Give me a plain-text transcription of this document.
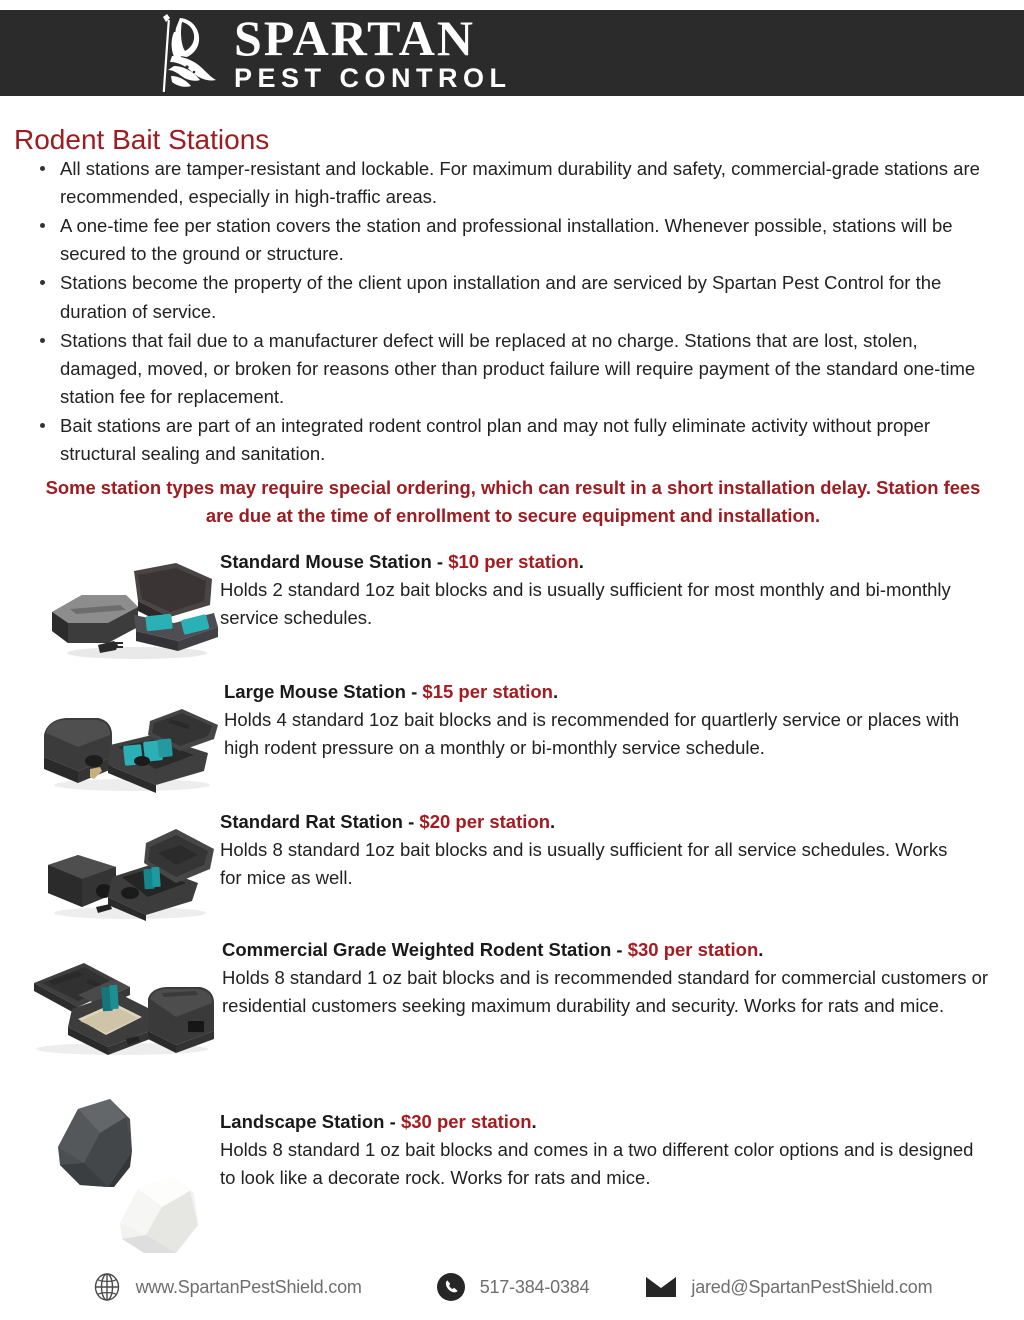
SPARTAN
PEST CONTROL
Rodent Bait Stations
All stations are tamper-resistant and lockable. For maximum durability and safety, commercial-grade stations are recommended, especially in high-traffic areas.
A one-time fee per station covers the station and professional installation. Whenever possible, stations will be secured to the ground or structure.
Stations become the property of the client upon installation and are serviced by Spartan Pest Control for the duration of service.
Stations that fail due to a manufacturer defect will be replaced at no charge. Stations that are lost, stolen, damaged, moved, or broken for reasons other than product failure will require payment of the standard one-time station fee for replacement.
Bait stations are part of an integrated rodent control plan and may not fully eliminate activity without proper structural sealing and sanitation.
Some station types may require special ordering, which can result in a short installation delay. Station fees are due at the time of enrollment to secure equipment and installation.

Standard Mouse Station - $10 per station.

Holds 2 standard 1oz bait blocks and is usually sufficient for most monthly and bi-monthly service schedules.

Large Mouse Station - $15 per station.

Holds 4 standard 1oz bait blocks and is recommended for quartlerly service or places with high rodent pressure on a monthly or bi-monthly service schedule.

Standard Rat Station - $20 per station.

Holds 8 standard 1oz bait blocks and is usually sufficient for all service schedules. Works for mice as well.

Commercial Grade Weighted Rodent Station - $30 per station.

Holds 8 standard 1 oz bait blocks and is recommended standard for commercial customers or residential customers seeking maximum durability and security. Works for rats and mice.

Landscape Station - $30 per station.

Holds 8 standard 1 oz bait blocks and comes in a two different color options and is designed to look like a decorate rock. Works for rats and mice.

www.SpartanPestShield.com	517-384-0384	jared@SpartanPestShield.com
